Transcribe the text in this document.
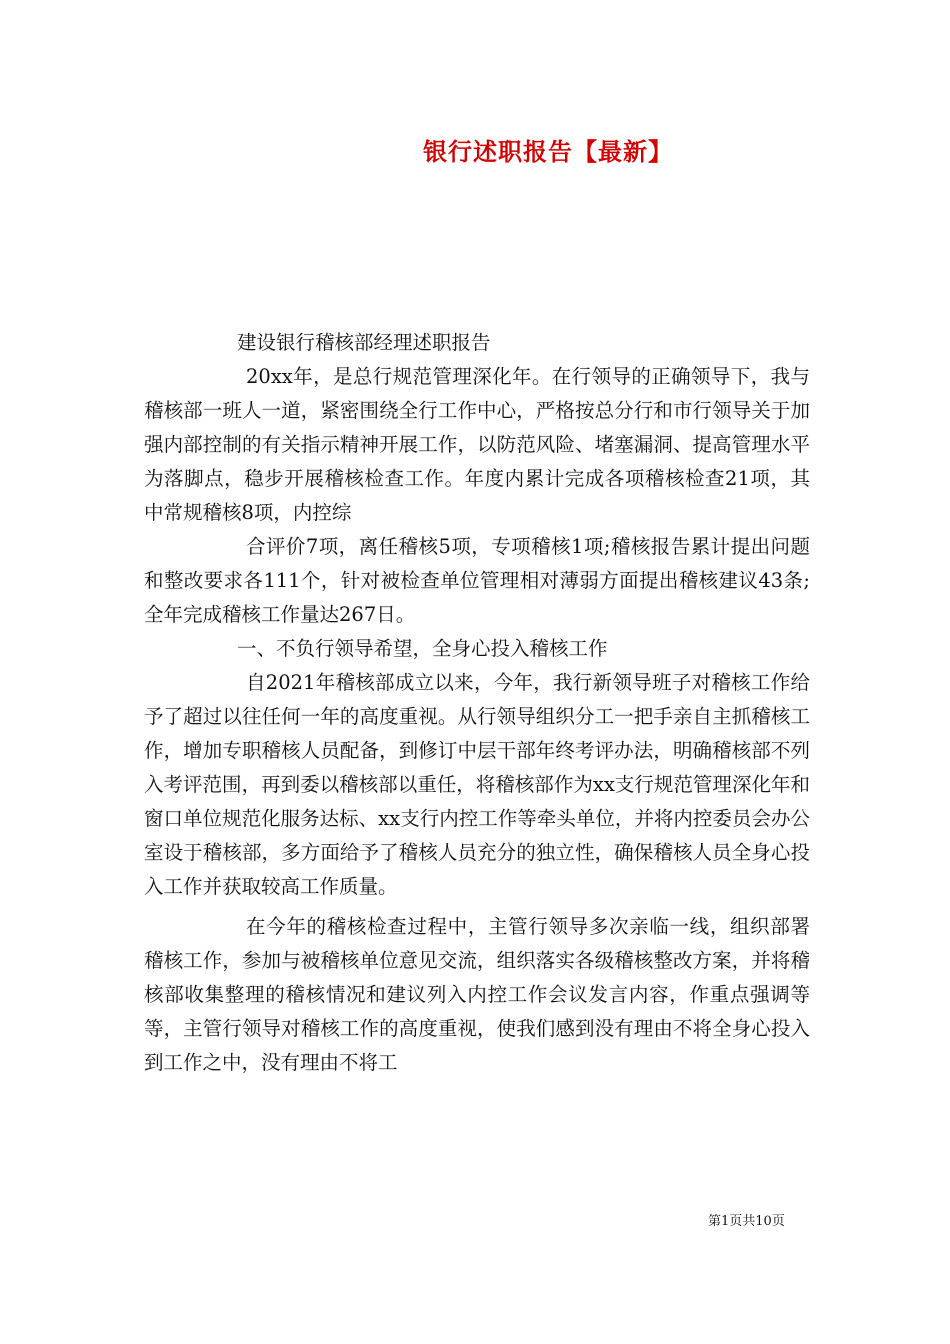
银行述职报告【最新】

建设银行稽核部经理述职报告

20xx年，是总行规范管理深化年。在行领导的正确领导下，我与稽核部一班人一道，紧密围绕全行工作中心，严格按总分行和市行领导关于加强内部控制的有关指示精神开展工作，以防范风险、堵塞漏洞、提高管理水平为落脚点，稳步开展稽核检查工作。年度内累计完成各项稽核检查21项，其中常规稽核8项，内控综

合评价7项，离任稽核5项，专项稽核1项;稽核报告累计提出问题和整改要求各111个，针对被检查单位管理相对薄弱方面提出稽核建议43条;全年完成稽核工作量达267日。

一、不负行领导希望，全身心投入稽核工作

自2021年稽核部成立以来，今年，我行新领导班子对稽核工作给予了超过以往任何一年的高度重视。从行领导组织分工一把手亲自主抓稽核工作，增加专职稽核人员配备，到修订中层干部年终考评办法，明确稽核部不列入考评范围，再到委以稽核部以重任，将稽核部作为xx支行规范管理深化年和窗口单位规范化服务达标、xx支行内控工作等牵头单位，并将内控委员会办公室设于稽核部，多方面给予了稽核人员充分的独立性，确保稽核人员全身心投入工作并获取较高工作质量。

在今年的稽核检查过程中，主管行领导多次亲临一线，组织部署稽核工作，参加与被稽核单位意见交流，组织落实各级稽核整改方案，并将稽核部收集整理的稽核情况和建议列入内控工作会议发言内容，作重点强调等等，主管行领导对稽核工作的高度重视，使我们感到没有理由不将全身心投入到工作之中，没有理由不将工

第1页共10页
